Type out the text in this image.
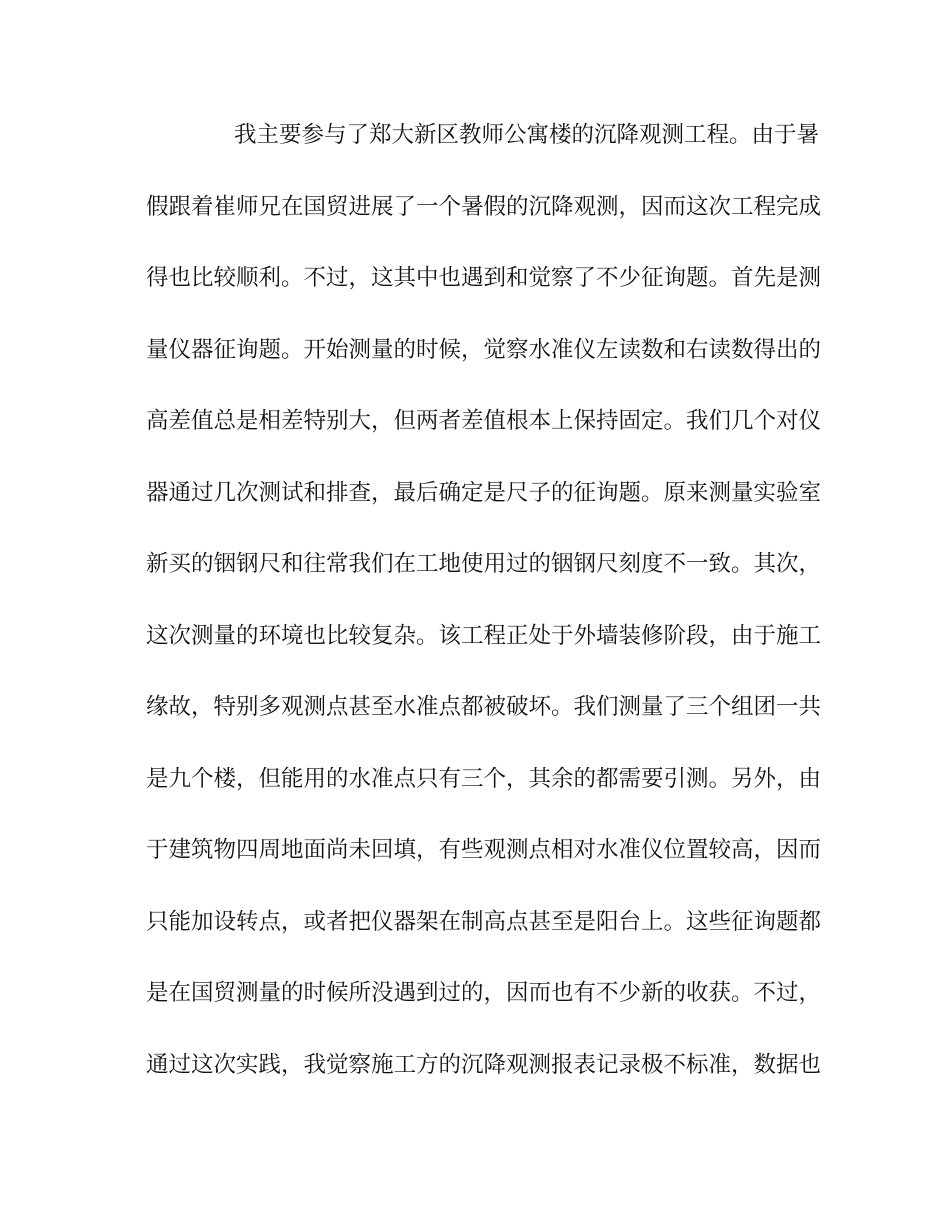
我主要参与了郑大新区教师公寓楼的沉降观测工程。由于暑
假跟着崔师兄在国贸进展了一个暑假的沉降观测，因而这次工程完成
得也比较顺利。不过，这其中也遇到和觉察了不少征询题。首先是测
量仪器征询题。开始测量的时候，觉察水准仪左读数和右读数得出的
高差值总是相差特别大，但两者差值根本上保持固定。我们几个对仪
器通过几次测试和排查，最后确定是尺子的征询题。原来测量实验室
新买的铟钢尺和往常我们在工地使用过的铟钢尺刻度不一致。其次，
这次测量的环境也比较复杂。该工程正处于外墙装修阶段，由于施工
缘故，特别多观测点甚至水准点都被破坏。我们测量了三个组团一共
是九个楼，但能用的水准点只有三个，其余的都需要引测。另外，由
于建筑物四周地面尚未回填，有些观测点相对水准仪位置较高，因而
只能加设转点，或者把仪器架在制高点甚至是阳台上。这些征询题都
是在国贸测量的时候所没遇到过的，因而也有不少新的收获。不过，
通过这次实践，我觉察施工方的沉降观测报表记录极不标准，数据也
